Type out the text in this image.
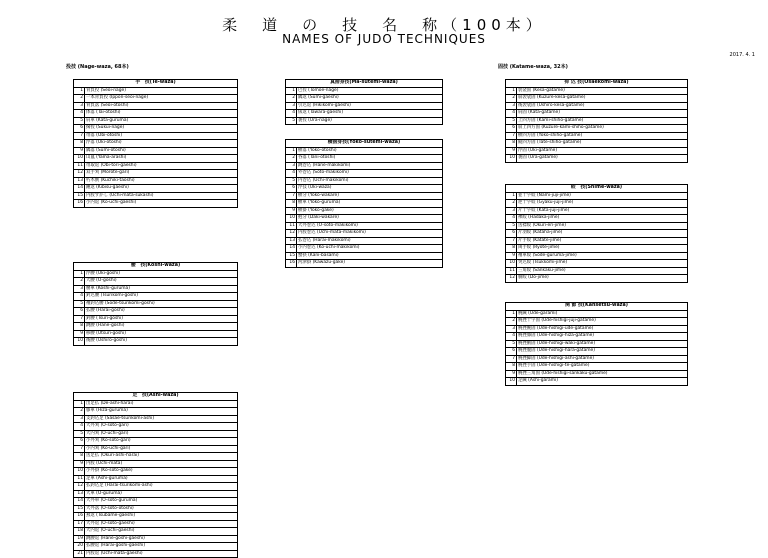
柔　道　の　技　名　称（100本）
NAMES OF JUDO TECHNIQUES
2017. 4. 1
投技 (Nage-waza, 68本)	固技 (Katame-waza, 32本)
手　技(Te-waza)	
1	背負投 (Seoi-nage)
2	一本背負投 (Ippon-seoi-nage)
3	背負落 (Seoi-otoshi)
4	体落 (Tai-otoshi)
5	肩車 (Kata-guruma)
6	掬投 (Sukui-nage)
7	帯落 (Obi-otoshi)
8	浮落 (Uki-otoshi)
9	隅落 (Sumi-otoshi)
10	山嵐 (Yama-arashi)
11	帯取返 (Obi-tori-gaeshi)
12	双手刈 (Morote-gari)
13	朽木倒 (Kuchiki-taoshi)
14	踵返 (Kibisu-gaeshi)
15	内股すかし (Uchi-mata-sukashi)
16	小内返 (Ko-uchi-gaeshi)
腰　技(Koshi-waza)	
1	浮腰 (Uki-goshi)
2	大腰 (O-goshi)
3	腰車 (Koshi-guruma)
4	釣込腰 (Tsurikomi-goshi)
5	袖釣込腰 (Sode-tsurikomi-goshi)
6	払腰 (Harai-goshi)
7	釣腰 (Tsuri-goshi)
8	跳腰 (Hane-goshi)
9	移腰 (Utsuri-goshi)
10	後腰 (Ushiro-goshi)
足　技(Ashi-waza)	
1	出足払 (De-ashi-harai)
2	膝車 (Hiza-guruma)
3	支釣込足 (Sasae-tsurikomi-ashi)
4	大外刈 (O-soto-gari)
5	大内刈 (O-uchi-gari)
6	小外刈 (Ko-soto-gari)
7	小内刈 (Ko-uchi-gari)
8	送足払 (Okuri-ashi-harai)
9	内股 (Uchi-mata)
10	小外掛 (Ko-soto-gake)
11	足車 (Ashi-guruma)
12	払釣込足 (Harai-tsurikomi-ashi)
13	大車 (O-guruma)
14	大外車 (O-soto-guruma)
15	大外落 (O-soto-otoshi)
16	燕返 (Tsubame-gaeshi)
17	大外返 (O-soto-gaeshi)
18	大内返 (O-uchi-gaeshi)
19	跳腰返 (Hane-goshi-gaeshi)
20	払腰返 (Harai-goshi-gaeshi)
21	内股返 (Uchi-mata-gaeshi)
真捨身技(Ma-sutemi-waza)	
1	巴投 (Tomoe-nage)
2	隅返 (Sumi-gaeshi)
3	引込返 (Hikikomi-gaeshi)
4	俵返 (Tawara-gaeshi)
5	裏投 (Ura-nage)
横捨身技(Yoko-sutemi-waza)	
1	横落 (Yoko-otoshi)
2	谷落 (Tani-otoshi)
3	跳巻込 (Hane-makikomi)
4	外巻込 (Soto-makikomi)
5	内巻込 (Uchi-makikomi)
6	浮技 (Uki-waza)
7	横分 (Yoko-wakare)
8	横車 (Yoko-guruma)
9	横掛 (Yoko-gake)
10	抱分 (Daki-wakare)
11	大外巻込 (O-soto-makikomi)
12	内股巻込 (Uchi-mata-makikomi)
13	払巻込 (Harai-makikomi)
14	小内巻込 (Ko-uchi-makikomi)
15	蟹挟 (Kani-basami)
16	河津掛 (Kawazu-gake)
抑 込 技(Osaekomi-waza)	
1	袈裟固 (Kesa-gatame)
2	崩袈裟固 (Kuzure-kesa-gatame)
3	後袈裟固 (Ushiro-kesa-gatame)
4	肩固 (Kata-gatame)
5	上四方固 (Kami-shiho-gatame)
6	崩上四方固 (Kuzure-kami-shiho-gatame)
7	横四方固 (Yoko-shiho-gatame)
8	縦四方固 (Tate-shiho-gatame)
9	浮固 (Uki-gatame)
10	裏固 (Ura-gatame)
絞　技(Shime-waza)	
1	並十字絞 (Nami-juji-jime)
2	逆十字絞 (Gyaku-juji-jime)
3	片十字絞 (Kata-juji-jime)
4	裸絞 (Hadaka-jime)
5	送襟絞 (Okuri-eri-jime)
6	片羽絞 (Kataha-jime)
7	片手絞 (Katate-jime)
8	両手絞 (Ryote-jime)
9	袖車絞 (Sode-guruma-jime)
10	突込絞 (Tsukkomi-jime)
11	三角絞 (Sankaku-jime)
12	胴絞 (Do-jime)
関 節 技(Kansetsu-waza)	
1	腕緘 (Ude-garami)
2	腕挫十字固 (Ude-hishigi-juji-gatame)
3	腕挫腕固 (Ude-hishigi-ude-gatame)
4	腕挫膝固 (Ude-hishigi-hiza-gatame)
5	腕挫腋固 (Ude-hishigi-waki-gatame)
6	腕挫腹固 (Ude-hishigi-hara-gatame)
7	腕挫脚固 (Ude-hishigi-ashi-gatame)
8	腕挫手固 (Ude-hishigi-te-gatame)
9	腕挫三角固 (Ude-hishigi-sankaku-gatame)
10	足緘 (Ashi-garami)
